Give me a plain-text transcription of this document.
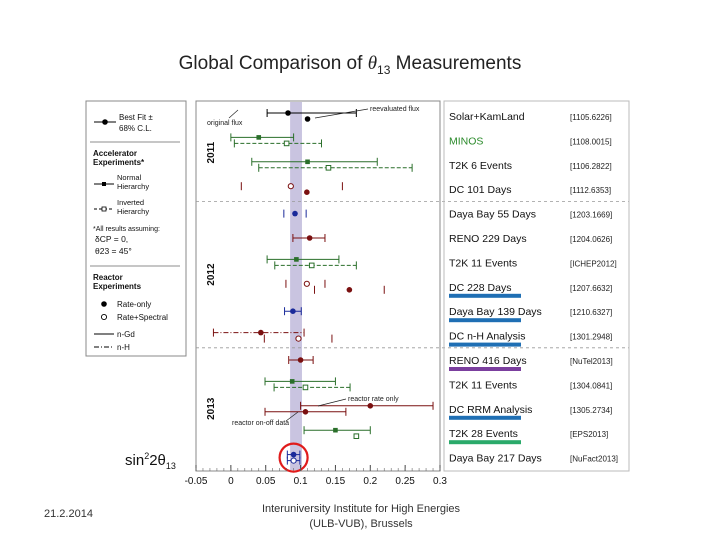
Global Comparison of $\theta_{13}$ Measurements
Best Fit ±
68% C.L.
Accelerator
Experiments*
Normal
Hierarchy
Inverted
Hierarchy
*All results assuming:
δCP = 0,
θ23 = 45°
Reactor
Experiments
Rate-only
Rate+Spectral
n-Gd
n-H
2011
2012
2013
reevaluated flux
original flux
reactor rate only
reactor on-off data
-0.05 0 0.05 0.1 0.15 0.2 0.25 0.3
Solar+KamLand	[1105.6226]
MINOS	[1108.0015]
T2K 6 Events	[1106.2822]
DC 101 Days	[1112.6353]
Daya Bay 55 Days	[1203.1669]
RENO 229 Days	[1204.0626]
T2K 11 Events	[ICHEP2012]
DC 228 Days	[1207.6632]
Daya Bay 139 Days	[1210.6327]
DC n-H Analysis	[1301.2948]
RENO 416 Days	[NuTel2013]
T2K 11 Events	[1304.0841]
DC RRM Analysis	[1305.2734]
T2K 28 Events	[EPS2013]
Daya Bay 217 Days	[NuFact2013]
$\sin^22\theta_{13}$
21.2.2014	Interuniversity Institute for High Energies
(ULB-VUB), Brussels
